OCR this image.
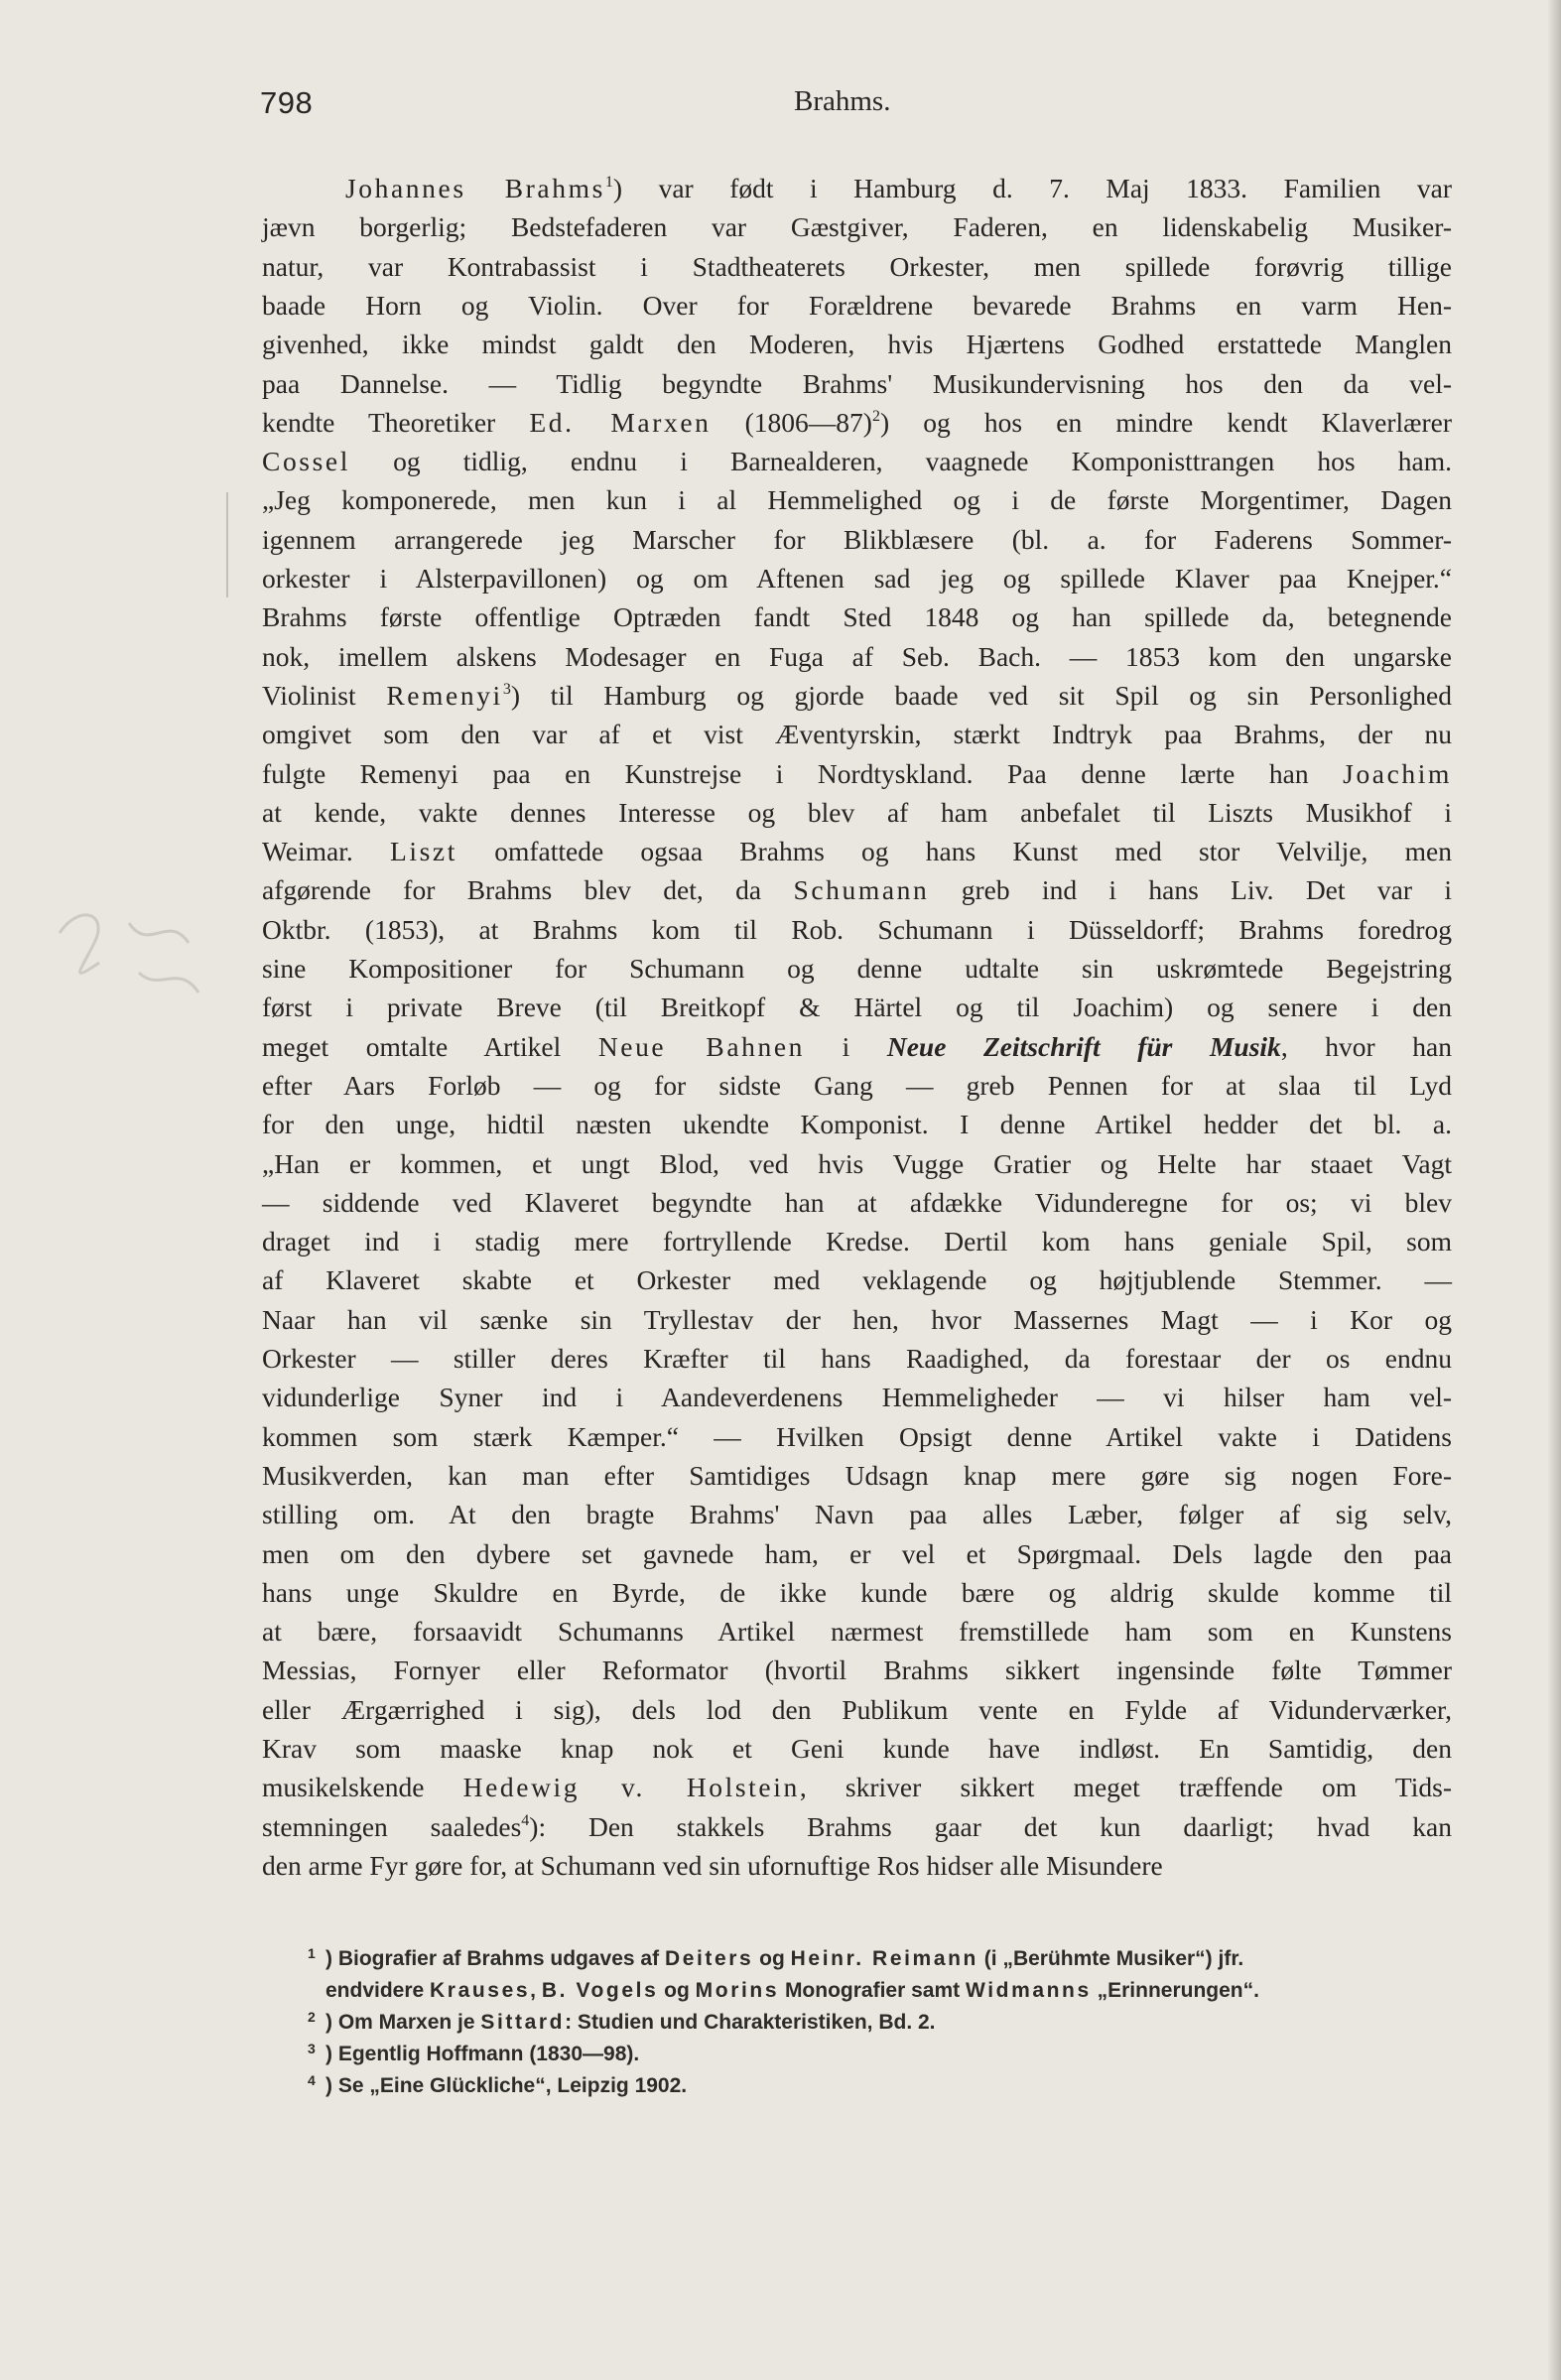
798	Brahms.
Johannes Brahms$^1$) var født i Hamburg d. 7. Maj 1833. Familien var
jævn borgerlig; Bedstefaderen var Gæstgiver, Faderen, en lidenskabelig Musiker-
natur, var Kontrabassist i Stadtheaterets Orkester, men spillede forøvrig tillige
baade Horn og Violin. Over for Forældrene bevarede Brahms en varm Hen-
givenhed, ikke mindst galdt den Moderen, hvis Hjærtens Godhed erstattede Manglen
paa Dannelse. — Tidlig begyndte Brahms' Musikundervisning hos den da vel-
kendte Theoretiker Ed. Marxen (1806—87)$^2$) og hos en mindre kendt Klaverlærer
Cossel og tidlig, endnu i Barnealderen, vaagnede Komponisttrangen hos ham.
„Jeg komponerede, men kun i al Hemmelighed og i de første Morgentimer, Dagen
igennem arrangerede jeg Marscher for Blikblæsere (bl. a. for Faderens Sommer-
orkester i Alsterpavillonen) og om Aftenen sad jeg og spillede Klaver paa Knejper.“
Brahms første offentlige Optræden fandt Sted 1848 og han spillede da, betegnende
nok, imellem alskens Modesager en Fuga af Seb. Bach. — 1853 kom den ungarske
Violinist Remenyi$^3$) til Hamburg og gjorde baade ved sit Spil og sin Personlighed
omgivet som den var af et vist Æventyrskin, stærkt Indtryk paa Brahms, der nu
fulgte Remenyi paa en Kunstrejse i Nordtyskland. Paa denne lærte han Joachim
at kende, vakte dennes Interesse og blev af ham anbefalet til Liszts Musikhof i
Weimar. Liszt omfattede ogsaa Brahms og hans Kunst med stor Velvilje, men
afgørende for Brahms blev det, da Schumann greb ind i hans Liv. Det var i
Oktbr. (1853), at Brahms kom til Rob. Schumann i Düsseldorff; Brahms foredrog
sine Kompositioner for Schumann og denne udtalte sin uskrømtede Begejstring
først i private Breve (til Breitkopf & Härtel og til Joachim) og senere i den
meget omtalte Artikel Neue Bahnen i Neue Zeitschrift für Musik, hvor han
efter Aars Forløb — og for sidste Gang — greb Pennen for at slaa til Lyd
for den unge, hidtil næsten ukendte Komponist. I denne Artikel hedder det bl. a.
„Han er kommen, et ungt Blod, ved hvis Vugge Gratier og Helte har staaet Vagt
— siddende ved Klaveret begyndte han at afdække Vidunderegne for os; vi blev
draget ind i stadig mere fortryllende Kredse. Dertil kom hans geniale Spil, som
af Klaveret skabte et Orkester med veklagende og højtjublende Stemmer. —
Naar han vil sænke sin Tryllestav der hen, hvor Massernes Magt — i Kor og
Orkester — stiller deres Kræfter til hans Raadighed, da forestaar der os endnu
vidunderlige Syner ind i Aandeverdenens Hemmeligheder — vi hilser ham vel-
kommen som stærk Kæmper.“ — Hvilken Opsigt denne Artikel vakte i Datidens
Musikverden, kan man efter Samtidiges Udsagn knap mere gøre sig nogen Fore-
stilling om. At den bragte Brahms' Navn paa alles Læber, følger af sig selv,
men om den dybere set gavnede ham, er vel et Spørgmaal. Dels lagde den paa
hans unge Skuldre en Byrde, de ikke kunde bære og aldrig skulde komme til
at bære, forsaavidt Schumanns Artikel nærmest fremstillede ham som en Kunstens
Messias, Fornyer eller Reformator (hvortil Brahms sikkert ingensinde følte Tømmer
eller Ærgærrighed i sig), dels lod den Publikum vente en Fylde af Vidunderværker,
Krav som maaske knap nok et Geni kunde have indløst. En Samtidig, den
musikelskende Hedewig v. Holstein, skriver sikkert meget træffende om Tids-
stemningen saaledes$^4$): Den stakkels Brahms gaar det kun daarligt; hvad kan
den arme Fyr gøre for, at Schumann ved sin ufornuftige Ros hidser alle Misundere
1 ) Biografier af Brahms udgaves af Deiters og Heinr. Reimann (i „Berühmte Musiker“) jfr.
endvidere Krauses, B. Vogels og Morins Monografier samt Widmanns „Erinnerungen“.
2 ) Om Marxen je Sittard: Studien und Charakteristiken, Bd. 2.
3 ) Egentlig Hoffmann (1830—98).
4 ) Se „Eine Glückliche“, Leipzig 1902.
